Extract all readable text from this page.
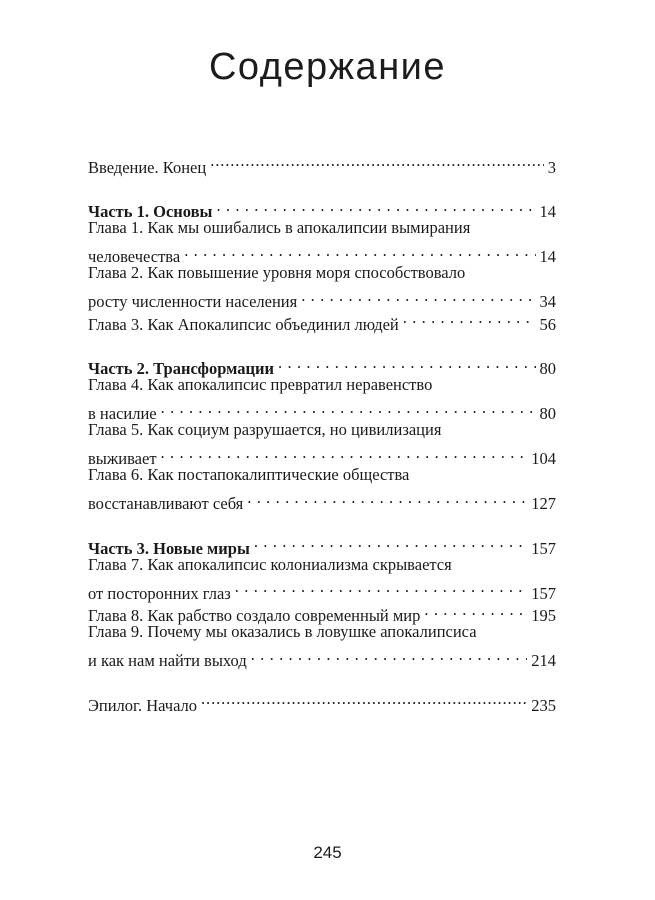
Содержание
Введение. Конец .....	3
Часть 1. Основы . . .	14
Глава 1. Как мы ошибались в апокалипсии вымирания
человечества . . .	14
Глава 2. Как повышение уровня моря способствовало
росту численности населения . . .	34
Глава 3. Как Апокалипсис объединил людей . . .	56
Часть 2. Трансформации . . .	80
Глава 4. Как апокалипсис превратил неравенство
в насилие . . .	80
Глава 5. Как социум разрушается, но цивилизация
выживает . . .	104
Глава 6. Как постапокалиптические общества
восстанавливают себя . . .	127
Часть 3. Новые миры . . .	157
Глава 7. Как апокалипсис колониализма скрывается
от посторонних глаз . . .	157
Глава 8. Как рабство создало современный мир . . .	195
Глава 9. Почему мы оказались в ловушке апокалипсиса
и как нам найти выход . . .	214
Эпилог. Начало .....	235
245
